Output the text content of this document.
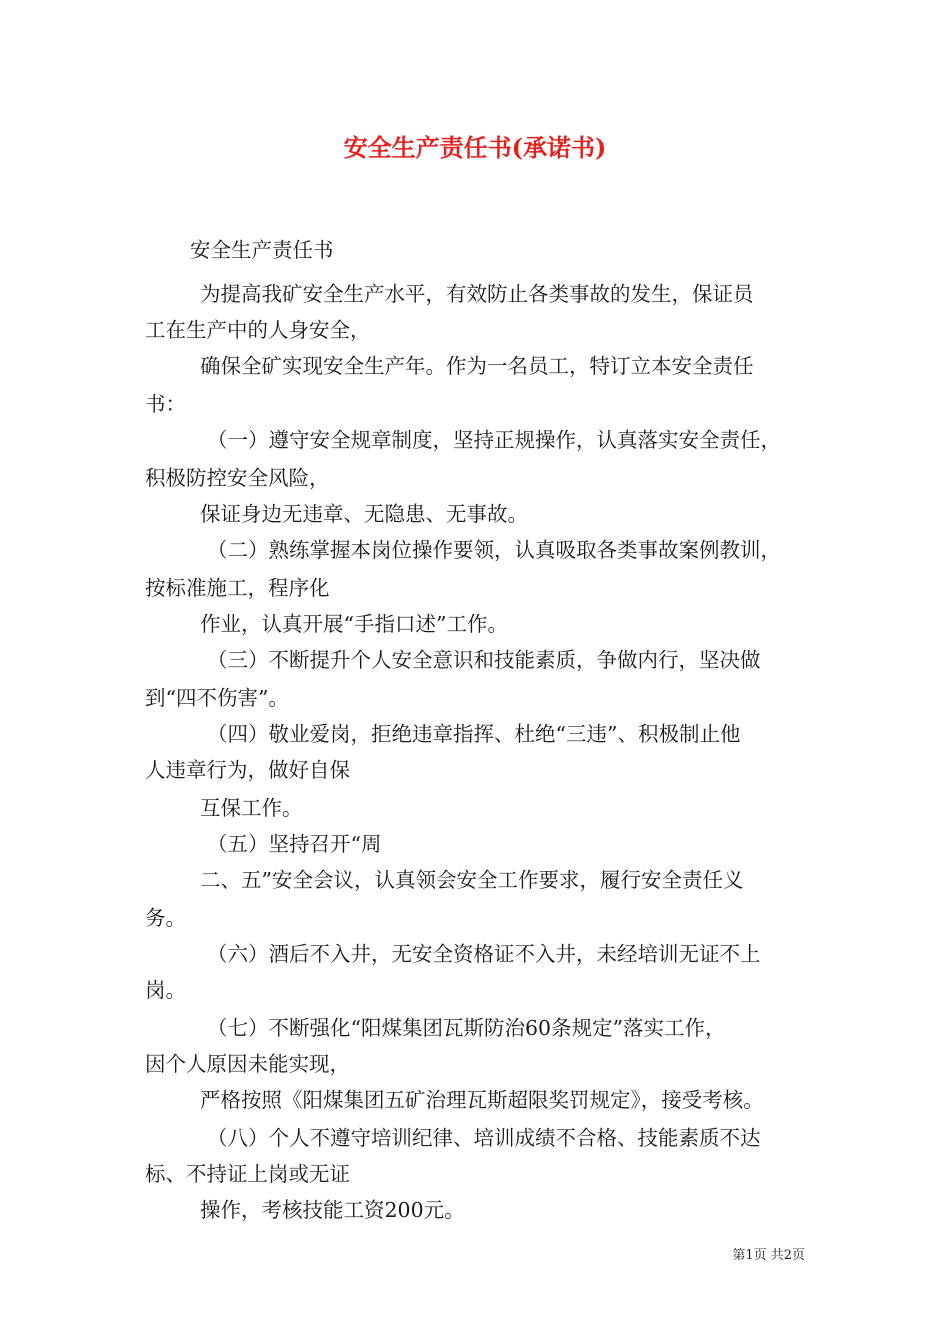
安全生产责任书(承诺书)
安全生产责任书
为提高我矿安全生产水平，有效防止各类事故的发生，保证员
工在生产中的人身安全，
确保全矿实现安全生产年。作为一名员工，特订立本安全责任
书：
（一）遵守安全规章制度，坚持正规操作，认真落实安全责任，
积极防控安全风险，
保证身边无违章、无隐患、无事故。
（二）熟练掌握本岗位操作要领，认真吸取各类事故案例教训，
按标准施工，程序化
作业，认真开展“手指口述”工作。
（三）不断提升个人安全意识和技能素质，争做内行，坚决做
到“四不伤害”。
（四）敬业爱岗，拒绝违章指挥、杜绝“三违”、积极制止他
人违章行为，做好自保
互保工作。
（五）坚持召开“周
二、五”安全会议，认真领会安全工作要求，履行安全责任义
务。
（六）酒后不入井，无安全资格证不入井，未经培训无证不上
岗。
（七）不断强化“阳煤集团瓦斯防治60条规定”落实工作，
因个人原因未能实现，
严格按照《阳煤集团五矿治理瓦斯超限奖罚规定》，接受考核。
（八）个人不遵守培训纪律、培训成绩不合格、技能素质不达
标、不持证上岗或无证
操作，考核技能工资200元。
第1页 共2页
